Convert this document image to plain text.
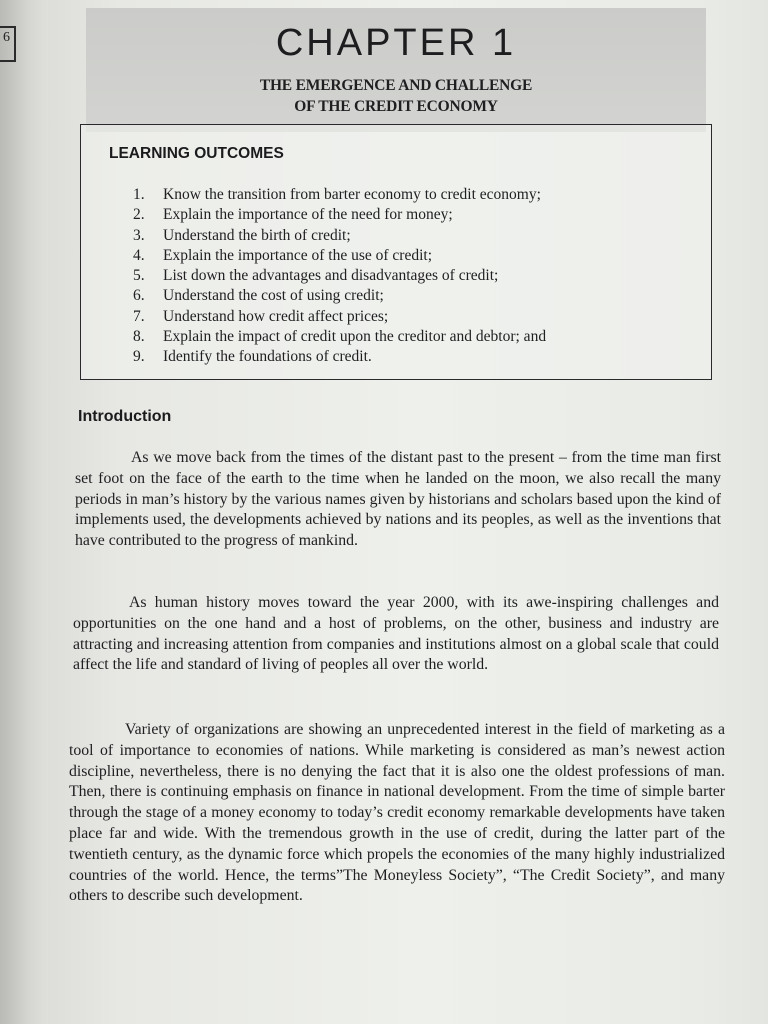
6	CHAPTER 1
THE EMERGENCE AND CHALLENGE
OF THE CREDIT ECONOMY
LEARNING OUTCOMES
1.	Know the transition from barter economy to credit economy;
2.	Explain the importance of the need for money;
3.	Understand the birth of credit;
4.	Explain the importance of the use of credit;
5.	List down the advantages and disadvantages of credit;
6.	Understand the cost of using credit;
7.	Understand how credit affect prices;
8.	Explain the impact of credit upon the creditor and debtor; and
9.	Identify the foundations of credit.
Introduction

As we move back from the times of the distant past to the present – from the time man first set foot on the face of the earth to the time when he landed on the moon, we also recall the many periods in man’s history by the various names given by historians and scholars based upon the kind of implements used, the developments achieved by nations and its peoples, as well as the inventions that have contributed to the progress of mankind.

As human history moves toward the year 2000, with its awe-inspiring challenges and opportunities on the one hand and a host of problems, on the other, business and industry are attracting and increasing attention from companies and institutions almost on a global scale that could affect the life and standard of living of peoples all over the world.

Variety of organizations are showing an unprecedented interest in the field of marketing as a tool of importance to economies of nations. While marketing is considered as man’s newest action discipline, nevertheless, there is no denying the fact that it is also one the oldest professions of man. Then, there is continuing emphasis on finance in national development. From the time of simple barter through the stage of a money economy to today’s credit economy remarkable developments have taken place far and wide. With the tremendous growth in the use of credit, during the latter part of the twentieth century, as the dynamic force which propels the economies of the many highly industrialized countries of the world. Hence, the terms”The Moneyless Society”, “The Credit Society”, and many others to describe such development.
